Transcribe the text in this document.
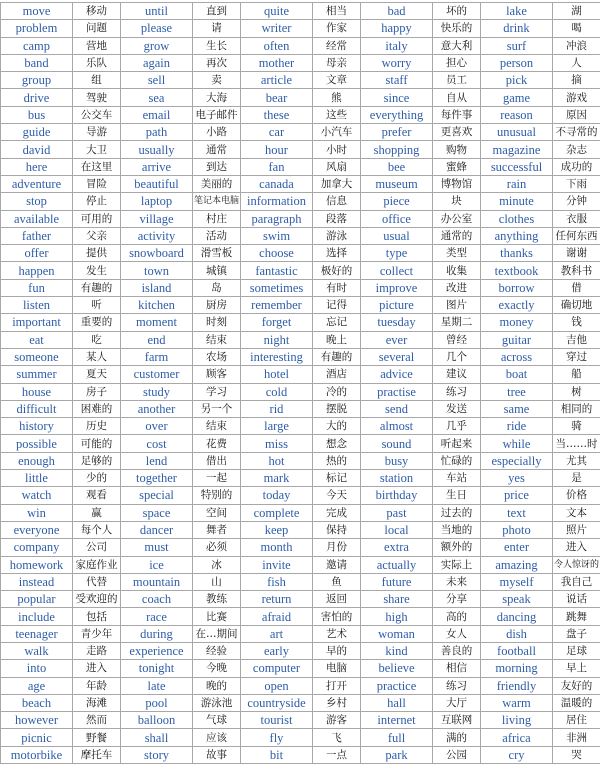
move	移动	until	直到	quite	相当	bad	坏的	lake	湖
problem	问题	please	请	writer	作家	happy	快乐的	drink	喝
camp	营地	grow	生长	often	经常	italy	意大利	surf	冲浪
band	乐队	again	再次	mother	母亲	worry	担心	person	人
group	组	sell	卖	article	文章	staff	员工	pick	摘
drive	驾驶	sea	大海	bear	熊	since	自从	game	游戏
bus	公交车	email	电子邮件	these	这些	everything	每件事	reason	原因
guide	导游	path	小路	car	小汽车	prefer	更喜欢	unusual	不寻常的
david	大卫	usually	通常	hour	小时	shopping	购物	magazine	杂志
here	在这里	arrive	到达	fan	风扇	bee	蜜蜂	successful	成功的
adventure	冒险	beautiful	美丽的	canada	加拿大	museum	博物馆	rain	下雨
stop	停止	laptop	笔记本电脑	information	信息	piece	块	minute	分钟
available	可用的	village	村庄	paragraph	段落	office	办公室	clothes	衣服
father	父亲	activity	活动	swim	游泳	usual	通常的	anything	任何东西
offer	提供	snowboard	滑雪板	choose	选择	type	类型	thanks	谢谢
happen	发生	town	城镇	fantastic	极好的	collect	收集	textbook	教科书
fun	有趣的	island	岛	sometimes	有时	improve	改进	borrow	借
listen	听	kitchen	厨房	remember	记得	picture	图片	exactly	确切地
important	重要的	moment	时刻	forget	忘记	tuesday	星期二	money	钱
eat	吃	end	结束	night	晚上	ever	曾经	guitar	吉他
someone	某人	farm	农场	interesting	有趣的	several	几个	across	穿过
summer	夏天	customer	顾客	hotel	酒店	advice	建议	boat	船
house	房子	study	学习	cold	冷的	practise	练习	tree	树
difficult	困难的	another	另一个	rid	摆脱	send	发送	same	相同的
history	历史	over	结束	large	大的	almost	几乎	ride	骑
possible	可能的	cost	花费	miss	想念	sound	听起来	while	当……时
enough	足够的	lend	借出	hot	热的	busy	忙碌的	especially	尤其
little	少的	together	一起	mark	标记	station	车站	yes	是
watch	观看	special	特别的	today	今天	birthday	生日	price	价格
win	赢	space	空间	complete	完成	past	过去的	text	文本
everyone	每个人	dancer	舞者	keep	保持	local	当地的	photo	照片
company	公司	must	必须	month	月份	extra	额外的	enter	进入
homework	家庭作业	ice	冰	invite	邀请	actually	实际上	amazing	令人惊讶的
instead	代替	mountain	山	fish	鱼	future	未来	myself	我自己
popular	受欢迎的	coach	教练	return	返回	share	分享	speak	说话
include	包括	race	比赛	afraid	害怕的	high	高的	dancing	跳舞
teenager	青少年	during	在…期间	art	艺术	woman	女人	dish	盘子
walk	走路	experience	经验	early	早的	kind	善良的	football	足球
into	进入	tonight	今晚	computer	电脑	believe	相信	morning	早上
age	年龄	late	晚的	open	打开	practice	练习	friendly	友好的
beach	海滩	pool	游泳池	countryside	乡村	hall	大厅	warm	温暖的
however	然而	balloon	气球	tourist	游客	internet	互联网	living	居住
picnic	野餐	shall	应该	fly	飞	full	满的	africa	非洲
motorbike	摩托车	story	故事	bit	一点	park	公园	cry	哭
